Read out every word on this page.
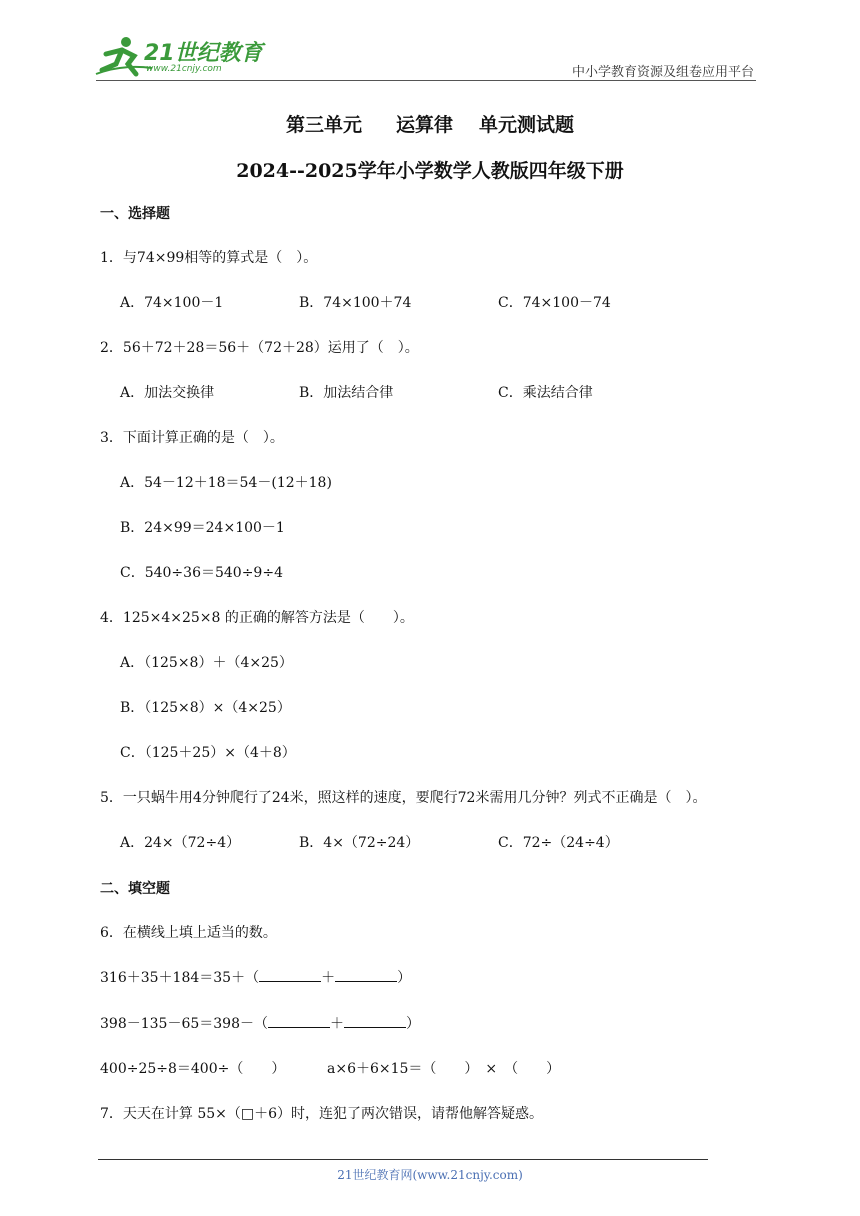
21世纪教育
www.21cnjy.com	中小学教育资源及组卷应用平台
第三单元 运算律 单元测试题
2024--2025学年小学数学人教版四年级下册
一、选择题
1．与74×99相等的算式是（　）。
A．74×100－1	B．74×100＋74	C．74×100－74
2．56＋72＋28＝56＋（72＋28）运用了（　）。
A．加法交换律	B．加法结合律	C．乘法结合律
3．下面计算正确的是（　）。
A．54－12＋18＝54－(12＋18)
B．24×99＝24×100－1
C．540÷36＝540÷9÷4
4．125×4×25×8 的正确的解答方法是（　　）。
A．（125×8）＋（4×25）
B．（125×8）×（4×25）
C．（125＋25）×（4＋8）
5．一只蜗牛用4分钟爬行了24米，照这样的速度，要爬行72米需用几分钟？列式不正确是（　）。
A．24×（72÷4）	B．4×（72÷24）	C．72÷（24÷4）
二、填空题
6．在横线上填上适当的数。
316＋35＋184＝35＋（	＋	）
398－135－65＝398－（	＋	）
400÷25÷8＝400÷（　　）	a×6＋6×15＝（　　）　×　（　　）
7．天天在计算 55×（□＋6）时，连犯了两次错误，请帮他解答疑惑。
21世纪教育网(www.21cnjy.com)
